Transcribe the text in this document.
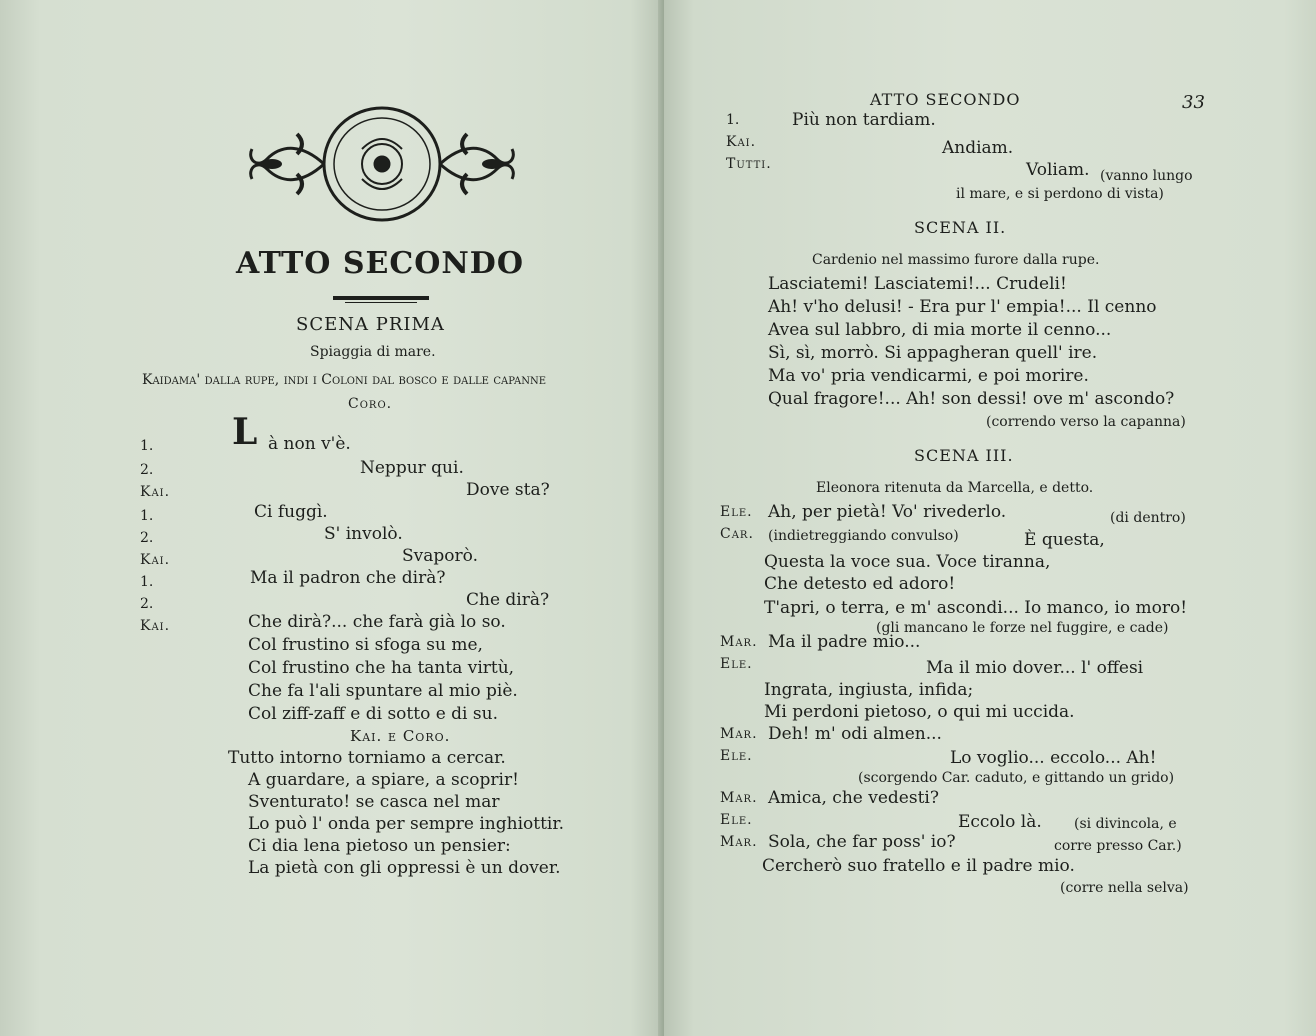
ATTO SECONDO
SCENA PRIMA
Spiaggia di mare.
Kaidama' dalla rupe, indi i Coloni dal bosco e dalle capanne
Coro.
L
1.	à non v'è.
2.	Neppur qui.
Kai.	Dove sta?
1.	Ci fuggì.
2.	S' involò.
Kai.	Svaporò.
1.	Ma il padron che dirà?
2.	Che dirà?
Kai.	Che dirà?... che farà già lo so.
Col frustino si sfoga su me,
Col frustino che ha tanta virtù,
Che fa l'ali spuntare al mio piè.
Col ziff-zaff e di sotto e di su.
Kai. e Coro.
Tutto intorno torniamo a cercar.
A guardare, a spiare, a scoprir!
Sventurato! se casca nel mar
Lo può l' onda per sempre inghiottir.
Ci dia lena pietoso un pensier:
La pietà con gli oppressi è un dover.
ATTO SECONDO	33
1.	Più non tardiam.
Kai.	Andiam.
Tutti.	Voliam. (vanno lungo
il mare, e si perdono di vista)
SCENA II.
Cardenio nel massimo furore dalla rupe.
Lasciatemi! Lasciatemi!... Crudeli!
Ah! v'ho delusi! - Era pur l' empia!... Il cenno
Avea sul labbro, di mia morte il cenno...
Sì, sì, morrò. Si appagheran quell' ire.
Ma vo' pria vendicarmi, e poi morire.
Qual fragore!... Ah! son dessi! ove m' ascondo?
(correndo verso la capanna)
SCENA III.
Eleonora ritenuta da Marcella, e detto.
Ele. Ah, per pietà! Vo' rivederlo.	(di dentro)
Car. (indietreggiando convulso)	È questa,
Questa la voce sua. Voce tiranna,
Che detesto ed adoro!
T'apri, o terra, e m' ascondi... Io manco, io moro!
(gli mancano le forze nel fuggire, e cade)
Mar. Ma il padre mio...
Ele.	Ma il mio dover... l' offesi
Ingrata, ingiusta, infida;
Mi perdoni pietoso, o qui mi uccida.
Mar. Deh! m' odi almen...
Ele.	Lo voglio... eccolo... Ah!
(scorgendo Car. caduto, e gittando un grido)
Mar. Amica, che vedesti?
Ele.	Eccolo là. (si divincola, e
Mar. Sola, che far poss' io?	corre presso Car.)
Cercherò suo fratello e il padre mio.
(corre nella selva)
